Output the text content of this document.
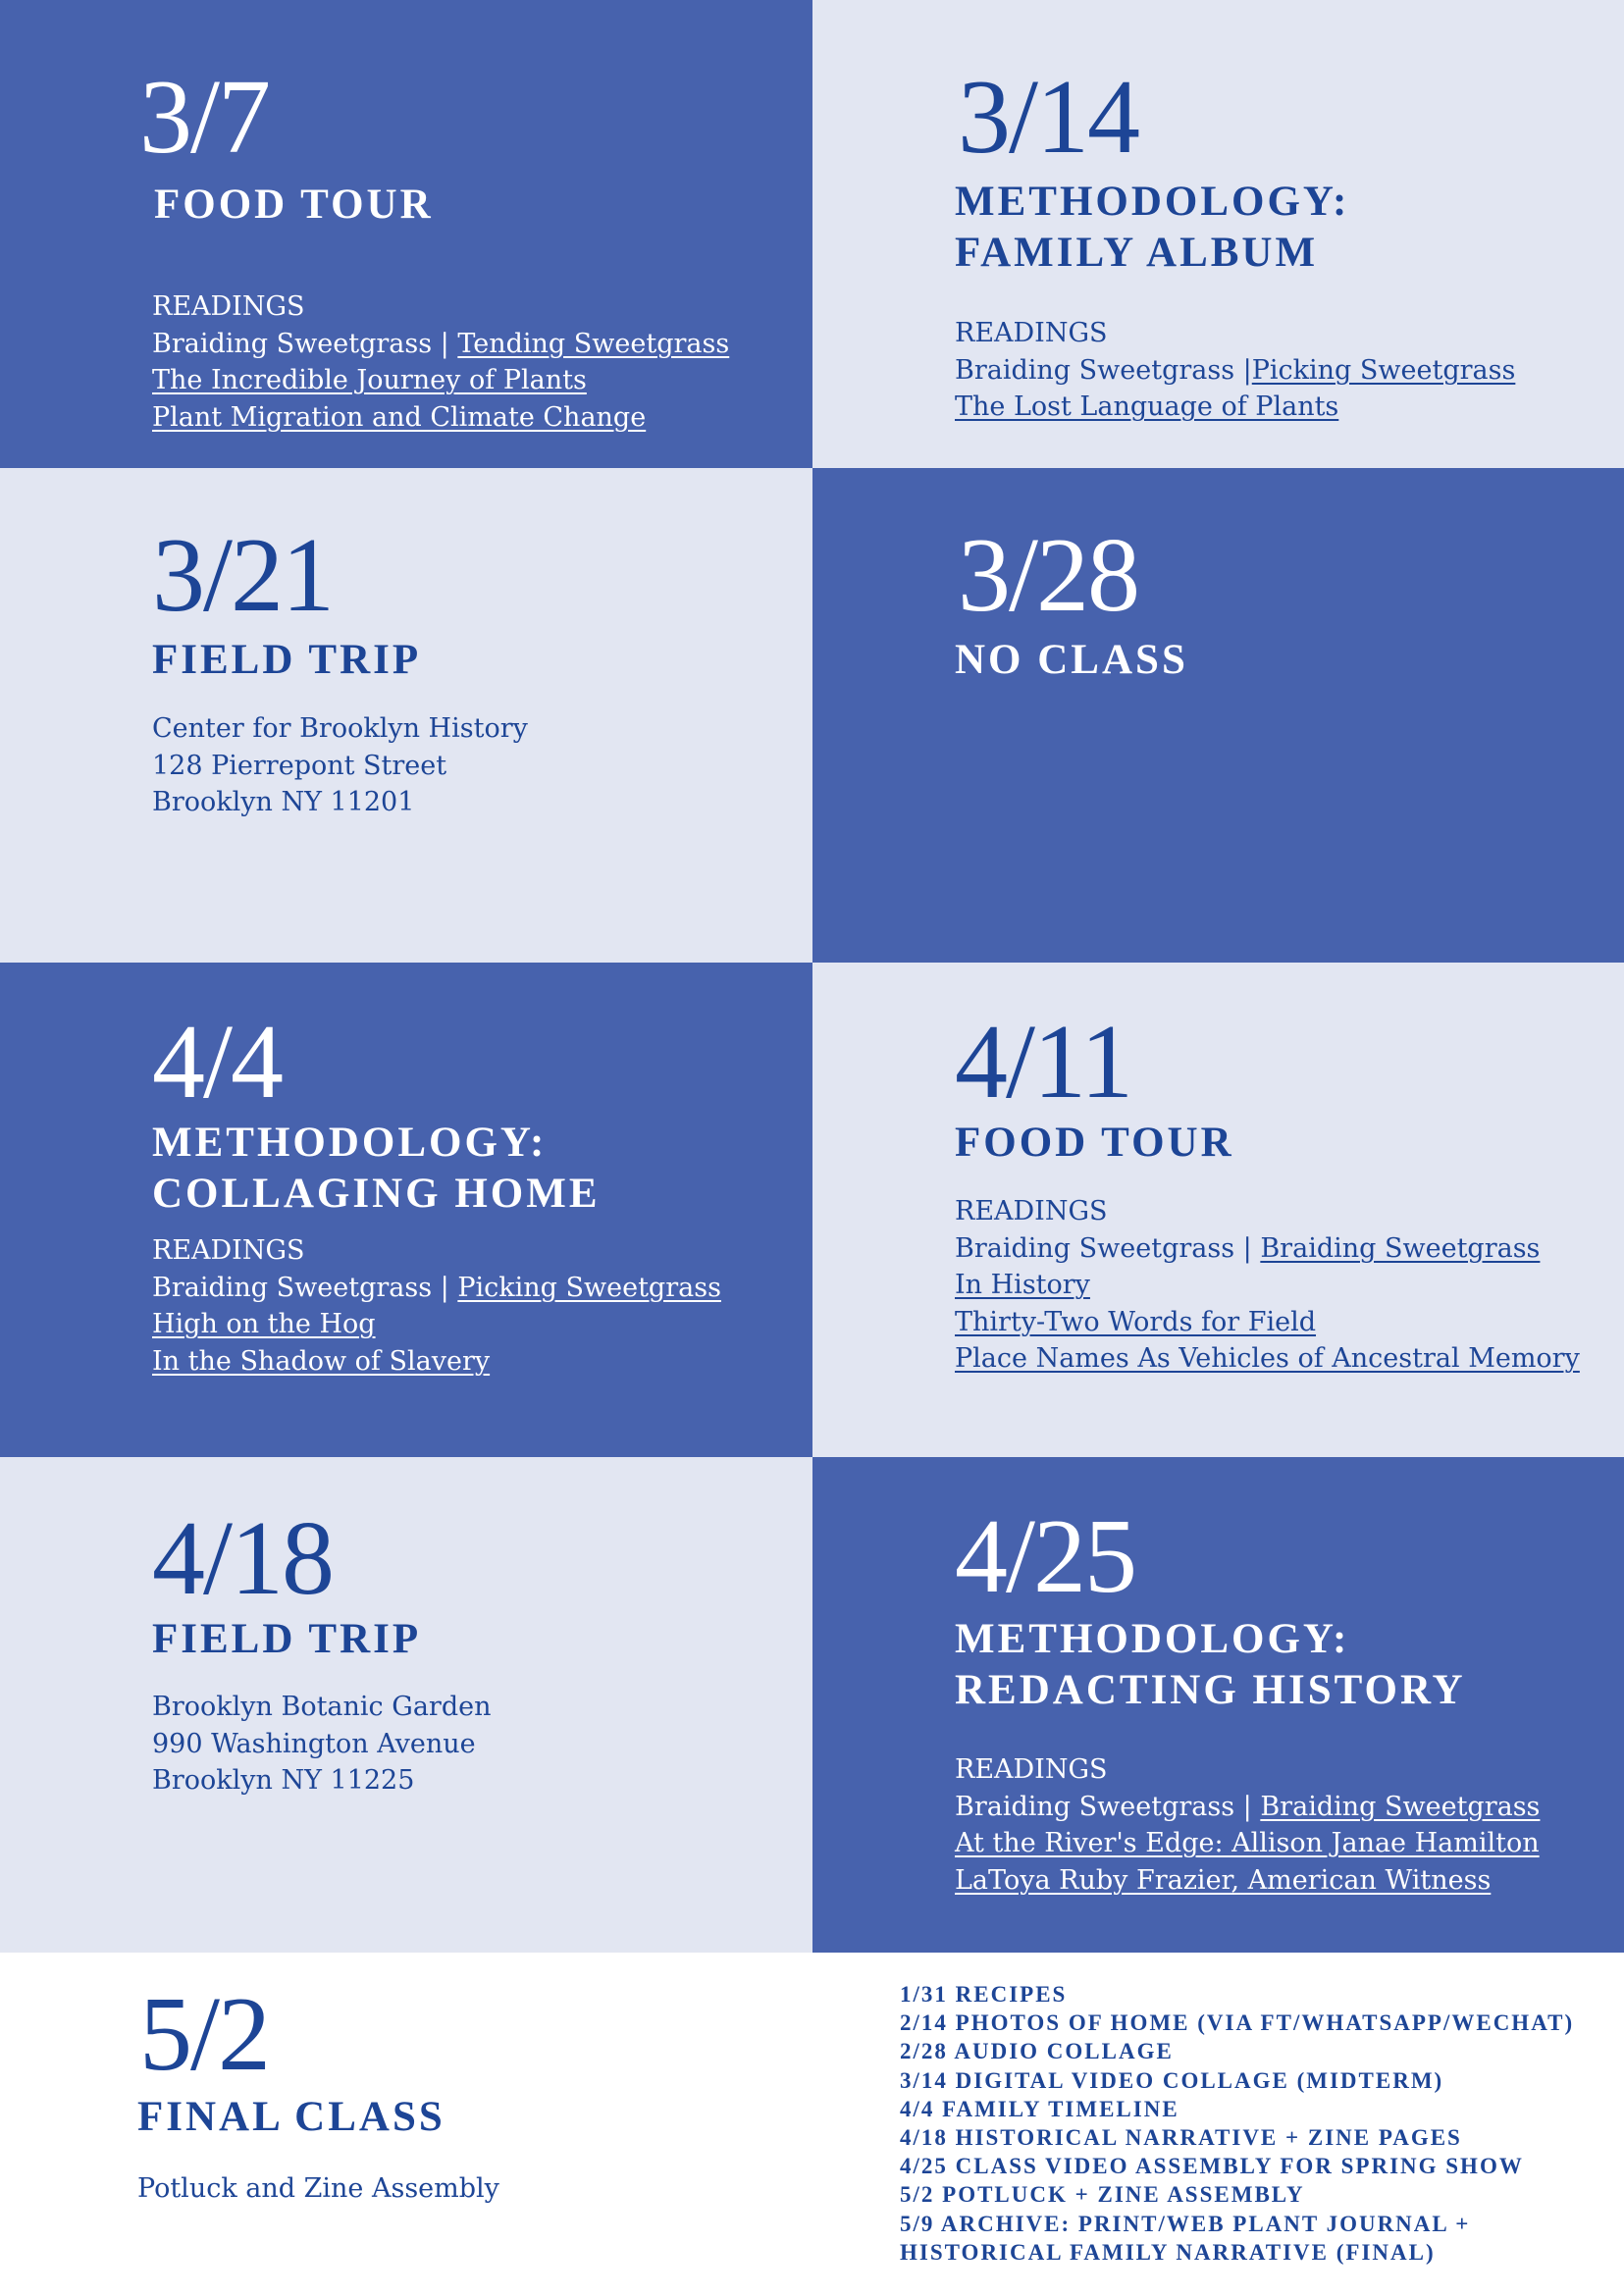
3/7
FOOD TOUR
READINGS
Braiding Sweetgrass | Tending Sweetgrass
The Incredible Journey of Plants
Plant Migration and Climate Change
3/14
METHODOLOGY:
FAMILY ALBUM
READINGS
Braiding Sweetgrass |Picking Sweetgrass
The Lost Language of Plants
3/21
FIELD TRIP
Center for Brooklyn History
128 Pierrepont Street
Brooklyn NY 11201
3/28
NO CLASS
4/4
METHODOLOGY:
COLLAGING HOME
READINGS
Braiding Sweetgrass | Picking Sweetgrass
High on the Hog
In the Shadow of Slavery
4/11
FOOD TOUR
READINGS
Braiding Sweetgrass | Braiding Sweetgrass
In History
Thirty-Two Words for Field
Place Names As Vehicles of Ancestral Memory
4/18
FIELD TRIP
Brooklyn Botanic Garden
990 Washington Avenue
Brooklyn NY 11225
4/25
METHODOLOGY:
REDACTING HISTORY
READINGS
Braiding Sweetgrass | Braiding Sweetgrass
At the River's Edge: Allison Janae Hamilton
LaToya Ruby Frazier, American Witness
5/2
FINAL CLASS
Potluck and Zine Assembly
1/31 RECIPES
2/14 PHOTOS OF HOME (VIA FT/WHATSAPP/WECHAT)
2/28 AUDIO COLLAGE
3/14 DIGITAL VIDEO COLLAGE (MIDTERM)
4/4 FAMILY TIMELINE
4/18 HISTORICAL NARRATIVE + ZINE PAGES
4/25 CLASS VIDEO ASSEMBLY FOR SPRING SHOW
5/2 POTLUCK + ZINE ASSEMBLY
5/9 ARCHIVE: PRINT/WEB PLANT JOURNAL +
HISTORICAL FAMILY NARRATIVE (FINAL)
